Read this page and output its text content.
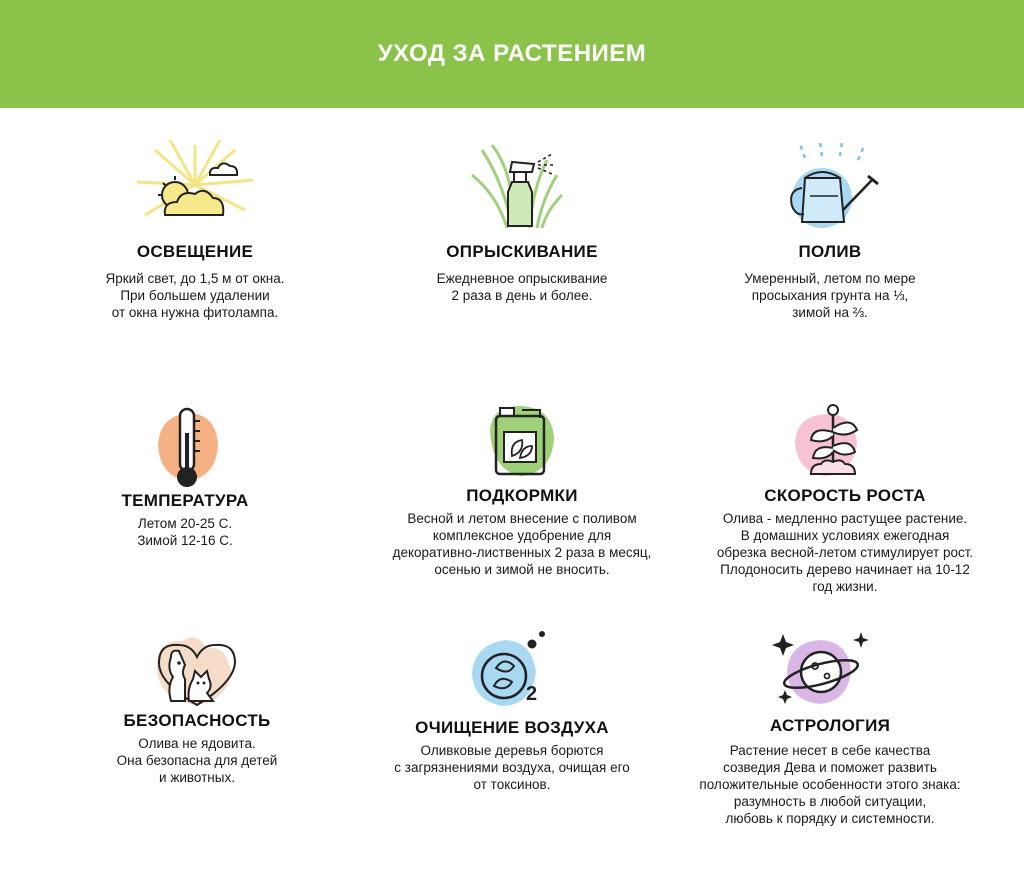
УХОД ЗА РАСТЕНИЕМ
ОСВЕЩЕНИЕ
Яркий свет, до 1,5 м от окна.
При большем удалении
от окна нужна фитолампа.
ОПРЫСКИВАНИЕ
Ежедневное опрыскивание
2 раза в день и более.
ПОЛИВ
Умеренный, летом по мере
просыхания грунта на ⅓,
зимой на ⅔.
ТЕМПЕРАТУРА
Летом 20-25 С.
Зимой 12-16 С.
ПОДКОРМКИ
Весной и летом внесение с поливом
комплексное удобрение для
декоративно-лиственных 2 раза в месяц,
осенью и зимой не вносить.
СКОРОСТЬ РОСТА
Олива - медленно растущее растение.
В домашних условиях ежегодная
обрезка весной-летом стимулирует рост.
Плодоносить дерево начинает на 10-12
год жизни.
БЕЗОПАСНОСТЬ
Олива не ядовита.
Она безопасна для детей
и животных.
2
ОЧИЩЕНИЕ ВОЗДУХА
Оливковые деревья борются
с загрязнениями воздуха, очищая его
от токсинов.
АСТРОЛОГИЯ
Растение несет в себе качества
созведия Дева и поможет развить
положительные особенности этого знака:
разумность в любой ситуации,
любовь к порядку и системности.
